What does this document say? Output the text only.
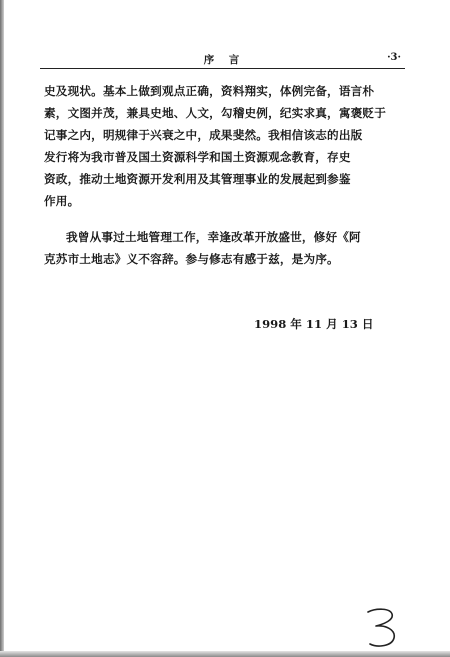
序　言	·3·
史及现状。基本上做到观点正确，资料翔实，体例完备，语言朴
素，文图并茂，兼具史地、人文，勾稽史例，纪实求真，寓褒贬于
记事之内，明规律于兴衰之中，成果斐然。我相信该志的出版
发行将为我市普及国土资源科学和国土资源观念教育，存史
资政，推动土地资源开发利用及其管理事业的发展起到参鉴
作用。
我曾从事过土地管理工作，幸逢改革开放盛世，修好《阿
克苏市土地志》义不容辞。参与修志有感于兹，是为序。
1998 年 11 月 13 日
